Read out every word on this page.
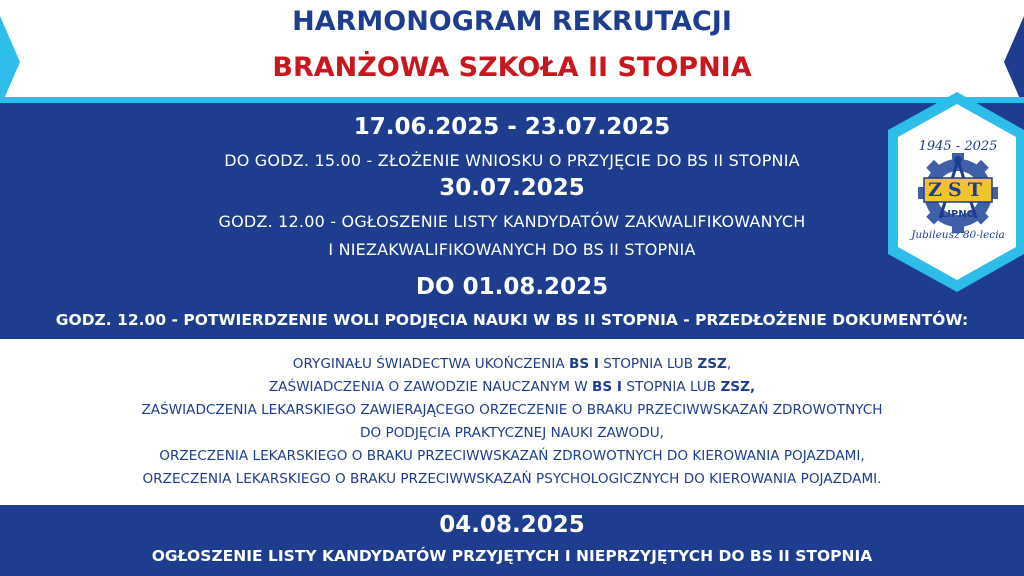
HARMONOGRAM REKRUTACJI
BRANŻOWA SZKOŁA II STOPNIA
17.06.2025 - 23.07.2025
DO GODZ. 15.00 - ZŁOŻENIE WNIOSKU O PRZYJĘCIE DO BS II STOPNIA
30.07.2025
GODZ. 12.00 - OGŁOSZENIE LISTY KANDYDATÓW ZAKWALIFIKOWANYCH
I NIEZAKWALIFIKOWANYCH DO BS II STOPNIA
DO 01.08.2025
GODZ. 12.00 - POTWIERDZENIE WOLI PODJĘCIA NAUKI W BS II STOPNIA - PRZEDŁOŻENIE DOKUMENTÓW:
ORYGINAŁU ŚWIADECTWA UKOŃCZENIA BS I STOPNIA LUB ZSZ,
ZAŚWIADCZENIA O ZAWODZIE NAUCZANYM W BS I STOPNIA LUB ZSZ,
ZAŚWIADCZENIA LEKARSKIEGO ZAWIERAJĄCEGO ORZECZENIE O BRAKU PRZECIWWSKAZAŃ ZDROWOTNYCH
DO PODJĘCIA PRAKTYCZNEJ NAUKI ZAWODU,
ORZECZENIA LEKARSKIEGO O BRAKU PRZECIWWSKAZAŃ ZDROWOTNYCH DO KIEROWANIA POJAZDAMI,
ORZECZENIA LEKARSKIEGO O BRAKU PRZECIWWSKAZAŃ PSYCHOLOGICZNYCH DO KIEROWANIA POJAZDAMI.
04.08.2025
OGŁOSZENIE LISTY KANDYDATÓW PRZYJĘTYCH I NIEPRZYJĘTYCH DO BS II STOPNIA
ZST
1945 - 2025
LIPNO
Jubileusz 80-lecia
